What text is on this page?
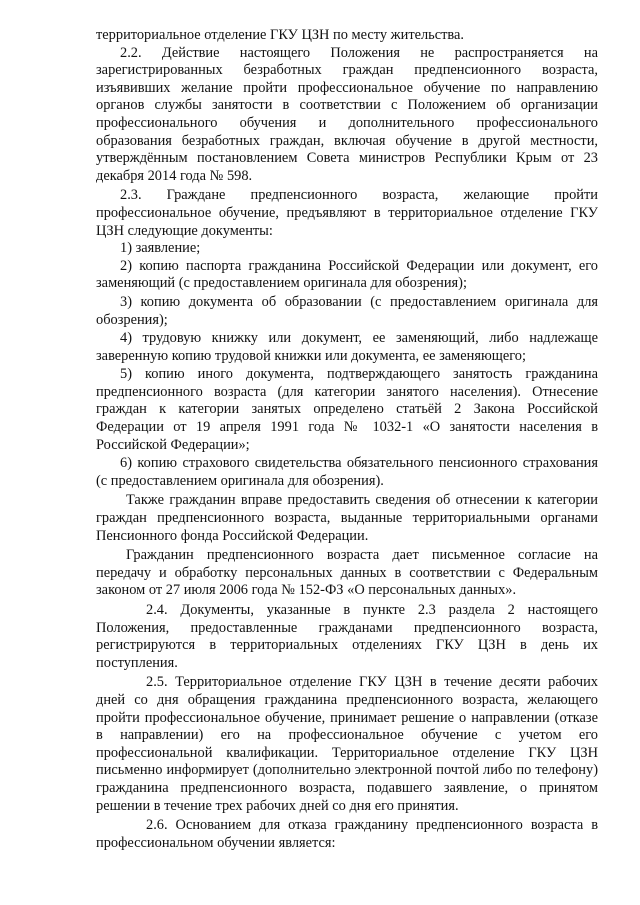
территориальное отделение ГКУ ЦЗН по месту жительства.

2.2. Действие настоящего Положения не распространяется на зарегистрированных безработных граждан предпенсионного возраста, изъявивших желание пройти профессиональное обучение по направлению органов службы занятости в соответствии с Положением об организации профессионального обучения и дополнительного профессионального образования безработных граждан, включая обучение в другой местности, утверждённым постановлением Совета министров Республики Крым от 23 декабря 2014 года № 598.

2.3. Граждане предпенсионного возраста, желающие пройти профессиональное обучение, предъявляют в территориальное отделение ГКУ ЦЗН следующие документы:

1) заявление;

2) копию паспорта гражданина Российской Федерации или документ, его заменяющий (с предоставлением оригинала для обозрения);

3) копию документа об образовании (с предоставлением оригинала для обозрения);

4) трудовую книжку или документ, ее заменяющий, либо надлежаще заверенную копию трудовой книжки или документа, ее заменяющего;

5) копию иного документа, подтверждающего занятость гражданина предпенсионного возраста (для категории занятого населения). Отнесение граждан к категории занятых определено статьёй 2 Закона Российской Федерации от 19 апреля 1991 года № 1032-1 «О занятости населения в Российской Федерации»;

6) копию страхового свидетельства обязательного пенсионного страхования (с предоставлением оригинала для обозрения).

Также гражданин вправе предоставить сведения об отнесении к категории граждан предпенсионного возраста, выданные территориальными органами Пенсионного фонда Российской Федерации.

Гражданин предпенсионного возраста дает письменное согласие на передачу и обработку персональных данных в соответствии с Федеральным законом от 27 июля 2006 года № 152-ФЗ «О персональных данных».

2.4. Документы, указанные в пункте 2.3 раздела 2 настоящего Положения, предоставленные гражданами предпенсионного возраста, регистрируются в территориальных отделениях ГКУ ЦЗН в день их поступления.

2.5. Территориальное отделение ГКУ ЦЗН в течение десяти рабочих дней со дня обращения гражданина предпенсионного возраста, желающего пройти профессиональное обучение, принимает решение о направлении (отказе в направлении) его на профессиональное обучение с учетом его профессиональной квалификации. Территориальное отделение ГКУ ЦЗН письменно информирует (дополнительно электронной почтой либо по телефону) гражданина предпенсионного возраста, подавшего заявление, о принятом решении в течение трех рабочих дней со дня его принятия.

2.6. Основанием для отказа гражданину предпенсионного возраста в профессиональном обучении является:
